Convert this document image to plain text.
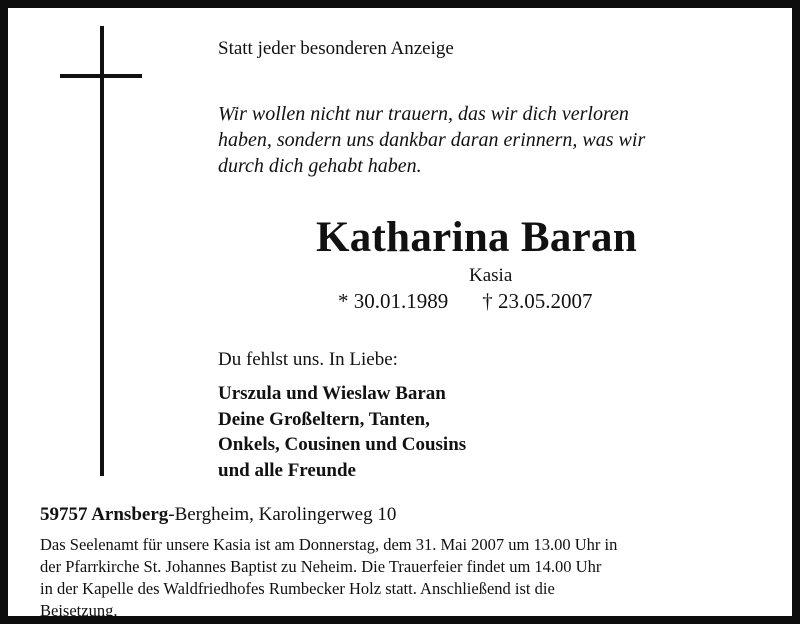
Statt jeder besonderen Anzeige
Wir wollen nicht nur trauern, das wir dich verloren
haben, sondern uns dankbar daran erinnern, was wir
durch dich gehabt haben.
Katharina Baran
Kasia
* 30.01.1989 † 23.05.2007
Du fehlst uns. In Liebe:
Urszula und Wieslaw Baran
Deine Großeltern, Tanten,
Onkels, Cousinen und Cousins
und alle Freunde
59757 Arnsberg-Bergheim, Karolingerweg 10
Das Seelenamt für unsere Kasia ist am Donnerstag, dem 31. Mai 2007 um 13.00 Uhr in
der Pfarrkirche St. Johannes Baptist zu Neheim. Die Trauerfeier findet um 14.00 Uhr
in der Kapelle des Waldfriedhofes Rumbecker Holz statt. Anschließend ist die
Beisetzung.
